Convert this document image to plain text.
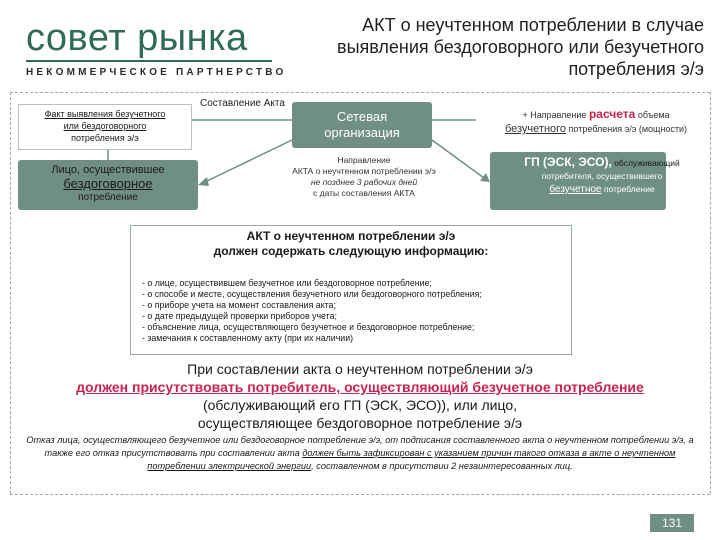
совет рынка
НЕКОММЕРЧЕСКОЕ ПАРТНЕРСТВО
АКТ о неучтенном потреблении в случае выявления бездоговорного или безучетного потребления э/э
Факт выявления безучетного
или бездоговорного
потребления э/э
Лицо, осуществившее
бездоговорное
потребление
Составление Акта
Сетевая
организация
Направление
АКТА о неучтенном потреблении э/э
не позднее 3 рабочих дней
с даты составления АКТА
+ Направление расчета объема
безучетного потребления э/э (мощности)
ГП (ЭСК, ЭСО), обслуживающий
потребителя, осуществившего
безучетное потребление
АКТ о неучтенном потреблении э/э
должен содержать следующую информацию:
- о лице, осуществившем безучетное или бездоговорное потребление;
- о способе и месте, осуществления безучетного или бездоговорного потребления;
- о приборе учета на момент составления акта;
- о дате предыдущей проверки приборов учета;
- объяснение лица, осуществляющего безучетное и бездоговорное потребление;
- замечания к составленному акту (при их наличии)
При составлении акта о неучтенном потреблении э/э
должен присутствовать потребитель, осуществляющий безучетное потребление
(обслуживающий его ГП (ЭСК, ЭСО)), или лицо,
осуществляющее бездоговорное потребление э/э
Отказ лица, осуществляющего безучетное или бездоговорное потребление э/э, от подписания составленного акта о неучтенном потреблении э/э, а также его отказ присутствовать при составлении акта должен быть зафиксирован с указанием причин такого отказа в акте о неучтенном потреблении электрической энергии, составленном в присутствии 2 незаинтересованных лиц.
131
